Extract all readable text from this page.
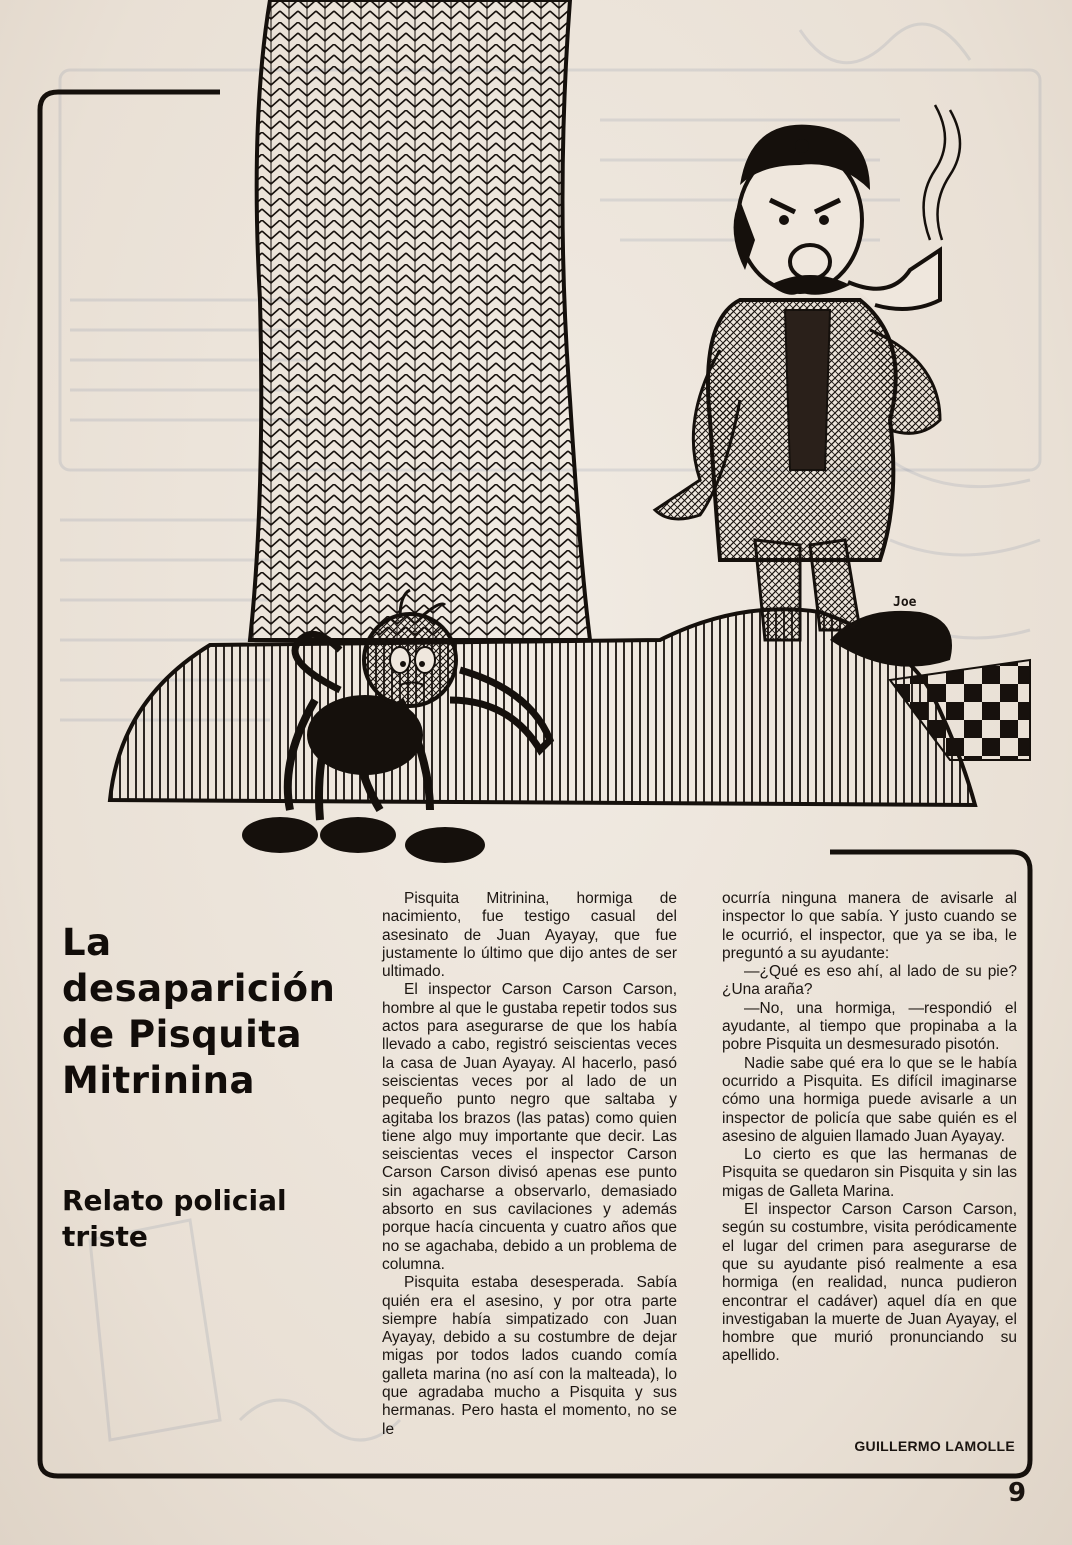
Joe
La
desaparición
de Pisquita
Mitrinina
Relato policial
triste

Pisquita Mitrinina, hormiga de nacimiento, fue testigo casual del asesinato de Juan Ayayay, que fue justamente lo último que dijo antes de ser ultimado.

El inspector Carson Carson Carson, hombre al que le gustaba repetir todos sus actos para asegurarse de que los había llevado a cabo, registró seiscientas veces la casa de Juan Ayayay. Al hacerlo, pasó seiscientas veces por al lado de un pequeño punto negro que saltaba y agitaba los brazos (las patas) como quien tiene algo muy importante que decir. Las seiscientas veces el inspector Carson Carson Carson divisó apenas ese punto sin agacharse a observarlo, demasiado absorto en sus cavilaciones y además porque hacía cincuenta y cuatro años que no se agachaba, debido a un problema de columna.

Pisquita estaba desesperada. Sabía quién era el asesino, y por otra parte siempre había simpatizado con Juan Ayayay, debido a su costumbre de dejar migas por todos lados cuando comía galleta marina (no así con la malteada), lo que agradaba mucho a Pisquita y sus hermanas. Pero hasta el momento, no se le

ocurría ninguna manera de avisarle al inspector lo que sabía. Y justo cuando se le ocurrió, el inspector, que ya se iba, le preguntó a su ayudante:

—¿Qué es eso ahí, al lado de su pie? ¿Una araña?

—No, una hormiga, —respondió el ayudante, al tiempo que propinaba a la pobre Pisquita un desmesurado pisotón.

Nadie sabe qué era lo que se le había ocurrido a Pisquita. Es difícil imaginarse cómo una hormiga puede avisarle a un inspector de policía que sabe quién es el asesino de alguien llamado Juan Ayayay.

Lo cierto es que las hermanas de Pisquita se quedaron sin Pisquita y sin las migas de Galleta Marina.

El inspector Carson Carson Carson, según su costumbre, visita peródicamente el lugar del crimen para asegurarse de que su ayudante pisó realmente a esa hormiga (en realidad, nunca pudieron encontrar el cadáver) aquel día en que investigaban la muerte de Juan Ayayay, el hombre que murió pronunciando su apellido.

GUILLERMO LAMOLLE
9
